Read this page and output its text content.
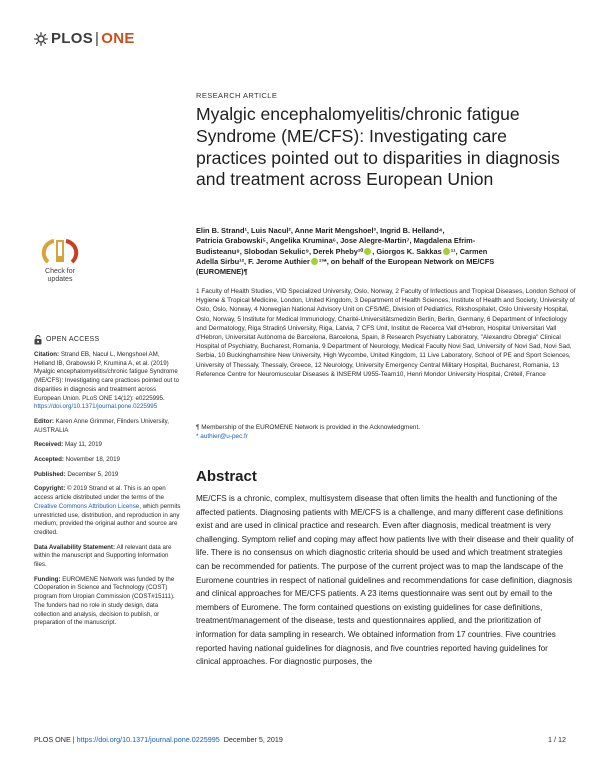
PLOS | ONE
RESEARCH ARTICLE
Myalgic encephalomyelitis/chronic fatigue Syndrome (ME/CFS): Investigating care practices pointed out to disparities in diagnosis and treatment across European Union
Elin B. Strand¹, Luis Nacul², Anne Marit Mengshoel³, Ingrid B. Helland⁴,
Patricia Grabowski⁵, Angelika Krumina⁶, Jose Alegre-Martin⁷, Magdalena Efrim-
Budisteanu⁸, Slobodan Sekulic⁹, Derek Pheby¹⁰ , Giorgos K. Sakkas ¹¹, Carmen
Adella Sirbu¹², F. Jerome Authier ¹³*, on behalf of the European Network on ME/CFS
(EUROMENE)¶
1 Faculty of Health Studies, VID Specialized University, Oslo, Norway, 2 Faculty of Infectious and Tropical Diseases, London School of Hygiene & Tropical Medicine, London, United Kingdom, 3 Department of Health Sciences, Institute of Health and Society, University of Oslo, Oslo, Norway, 4 Norwegian National Advisory Unit on CFS/ME, Division of Pediatrics, Rikshospitalet, Oslo University Hospital, Oslo, Norway, 5 Institute for Medical Immunology, Charité-Universitätsmedizin Berlin, Berlin, Germany, 6 Department of Infectiology and Dermatology, Riga Stradiņš University, Riga, Latvia, 7 CFS Unit, Institut de Recerca Vall d'Hebron, Hospital Universitari Vall d'Hebron, Universitat Autònoma de Barcelona, Barcelona, Spain, 8 Research Psychiatry Laboratory, "Alexandru Obregia" Clinical Hospital of Psychiatry, Bucharest, Romania, 9 Department of Neurology, Medical Faculty Novi Sad, University of Novi Sad, Novi Sad, Serbia, 10 Buckinghamshire New University, High Wycombe, United Kingdom, 11 Live Laboratory, School of PE and Sport Sciences, University of Thessaly, Thessaly, Greece, 12 Neurology, University Emergency Central Military Hospital, Bucharest, Romania, 13 Reference Centre for Neuromuscular Diseases & INSERM U955-Team10, Henri Mondor University Hospital, Créteil, France
¶ Membership of the EUROMENE Network is provided in the Acknowledgment.
* authier@u-pec.fr
Check for
updates
OPEN ACCESS

Citation: Strand EB, Nacul L, Mengshoel AM, Helland IB, Grabowski P, Krumina A, et al. (2019) Myalgic encephalomyelitis/chronic fatigue Syndrome (ME/CFS): Investigating care practices pointed out to disparities in diagnosis and treatment across European Union. PLoS ONE 14(12): e0225995. https://doi.org/10.1371/journal.pone.0225995

Editor: Karen Anne Grimmer, Flinders University, AUSTRALIA

Received: May 11, 2019

Accepted: November 18, 2019

Published: December 5, 2019

Copyright: © 2019 Strand et al. This is an open access article distributed under the terms of the Creative Commons Attribution License, which permits unrestricted use, distribution, and reproduction in any medium, provided the original author and source are credited.

Data Availability Statement: All relevant data are within the manuscript and Supporting Information files.

Funding: EUROMENE Network was funded by the COoperation in Science and Technology (COST) program from Uropian Commission (COST#15111). The funders had no role in study design, data collection and analysis, decision to publish, or preparation of the manuscript.

Abstract
ME/CFS is a chronic, complex, multisystem disease that often limits the health and functioning of the affected patients. Diagnosing patients with ME/CFS is a challenge, and many different case definitions exist and are used in clinical practice and research. Even after diagnosis, medical treatment is very challenging. Symptom relief and coping may affect how patients live with their disease and their quality of life. There is no consensus on which diagnostic criteria should be used and which treatment strategies can be recommended for patients. The purpose of the current project was to map the landscape of the Euromene countries in respect of national guidelines and recommendations for case definition, diagnosis and clinical approaches for ME/CFS patients. A 23 items questionnaire was sent out by email to the members of Euromene. The form contained questions on existing guidelines for case definitions, treatment/management of the disease, tests and questionnaires applied, and the prioritization of information for data sampling in research. We obtained information from 17 countries. Five countries reported having national guidelines for diagnosis, and five countries reported having guidelines for clinical approaches. For diagnostic purposes, the
PLOS ONE | https://doi.org/10.1371/journal.pone.0225995 December 5, 2019	1 / 12
